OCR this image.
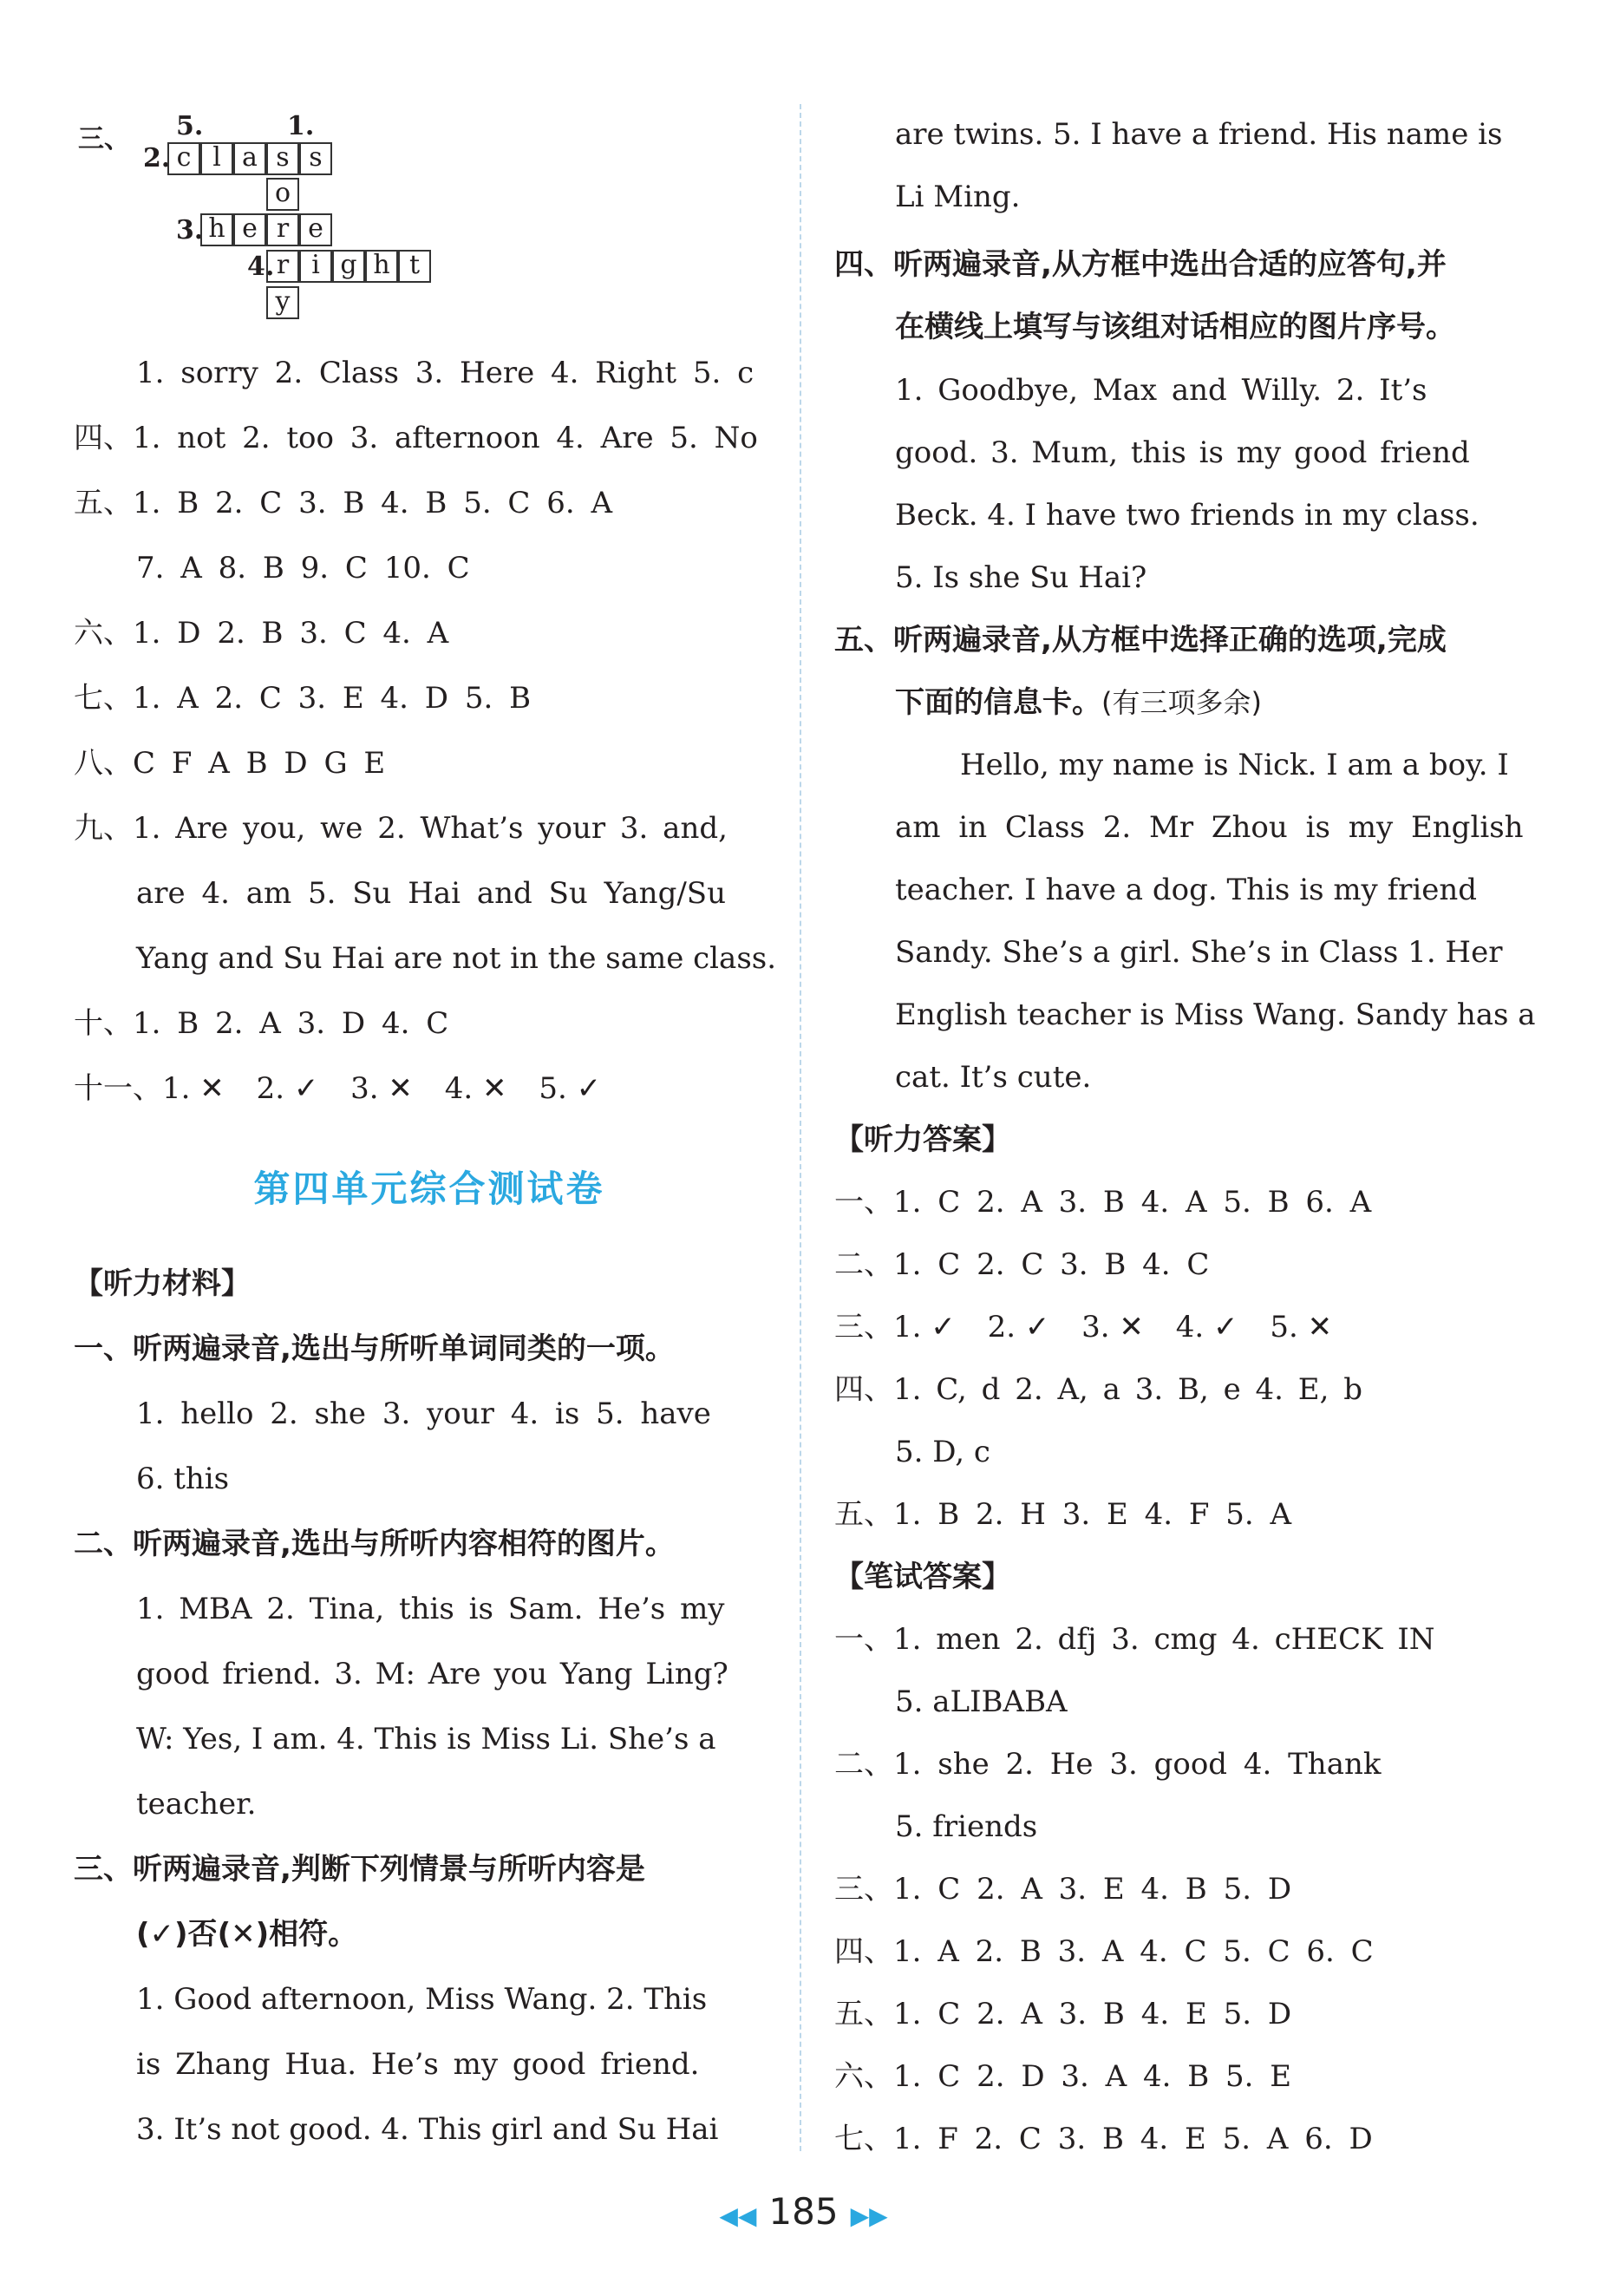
三、 5.	1.
2.
3.
4.
c l a s s
o
h e r e
r i g h t
y
1. sorry 2. Class 3. Here 4. Right 5. c
四、1. not 2. too 3. afternoon 4. Are 5. No
五、1. B 2. C 3. B 4. B 5. C 6. A
7. A 8. B 9. C 10. C
六、1. D 2. B 3. C 4. A
七、1. A 2. C 3. E 4. D 5. B
八、C F A B D G E
九、1. Are you, we 2. What’s your 3. and,
are 4. am 5. Su Hai and Su Yang/Su
Yang and Su Hai are not in the same class.
十、1. B 2. A 3. D 4. C
十一、1. ✕ 2. ✓ 3. ✕ 4. ✕ 5. ✓
第四单元综合测试卷
【听力材料】
一、听两遍录音,选出与所听单词同类的一项。
1. hello 2. she 3. your 4. is 5. have
6. this
二、听两遍录音,选出与所听内容相符的图片。
1. MBA 2. Tina, this is Sam. He’s my
good friend. 3. M: Are you Yang Ling?
W: Yes, I am. 4. This is Miss Li. She’s a
teacher.
三、听两遍录音,判断下列情景与所听内容是
(✓)否(✕)相符。
1. Good afternoon, Miss Wang. 2. This
is Zhang Hua. He’s my good friend.
3. It’s not good. 4. This girl and Su Hai
are twins. 5. I have a friend. His name is
Li Ming.
四、听两遍录音,从方框中选出合适的应答句,并
在横线上填写与该组对话相应的图片序号。
1. Goodbye, Max and Willy. 2. It’s
good. 3. Mum, this is my good friend
Beck. 4. I have two friends in my class.
5. Is she Su Hai?
五、听两遍录音,从方框中选择正确的选项,完成
下面的信息卡。(有三项多余)
Hello, my name is Nick. I am a boy. I
am in Class 2. Mr Zhou is my English
teacher. I have a dog. This is my friend
Sandy. She’s a girl. She’s in Class 1. Her
English teacher is Miss Wang. Sandy has a
cat. It’s cute.
【听力答案】
一、1. C 2. A 3. B 4. A 5. B 6. A
二、1. C 2. C 3. B 4. C
三、1. ✓ 2. ✓ 3. ✕ 4. ✓ 5. ✕
四、1. C, d 2. A, a 3. B, e 4. E, b
5. D, c
五、1. B 2. H 3. E 4. F 5. A
【笔试答案】
一、1. men 2. dfj 3. cmg 4. cHECK IN
5. aLIBABA
二、1. she 2. He 3. good 4. Thank
5. friends
三、1. C 2. A 3. E 4. B 5. D
四、1. A 2. B 3. A 4. C 5. C 6. C
五、1. C 2. A 3. B 4. E 5. D
六、1. C 2. D 3. A 4. B 5. E
七、1. F 2. C 3. B 4. E 5. A 6. D
◀◀ 185 ▶▶
